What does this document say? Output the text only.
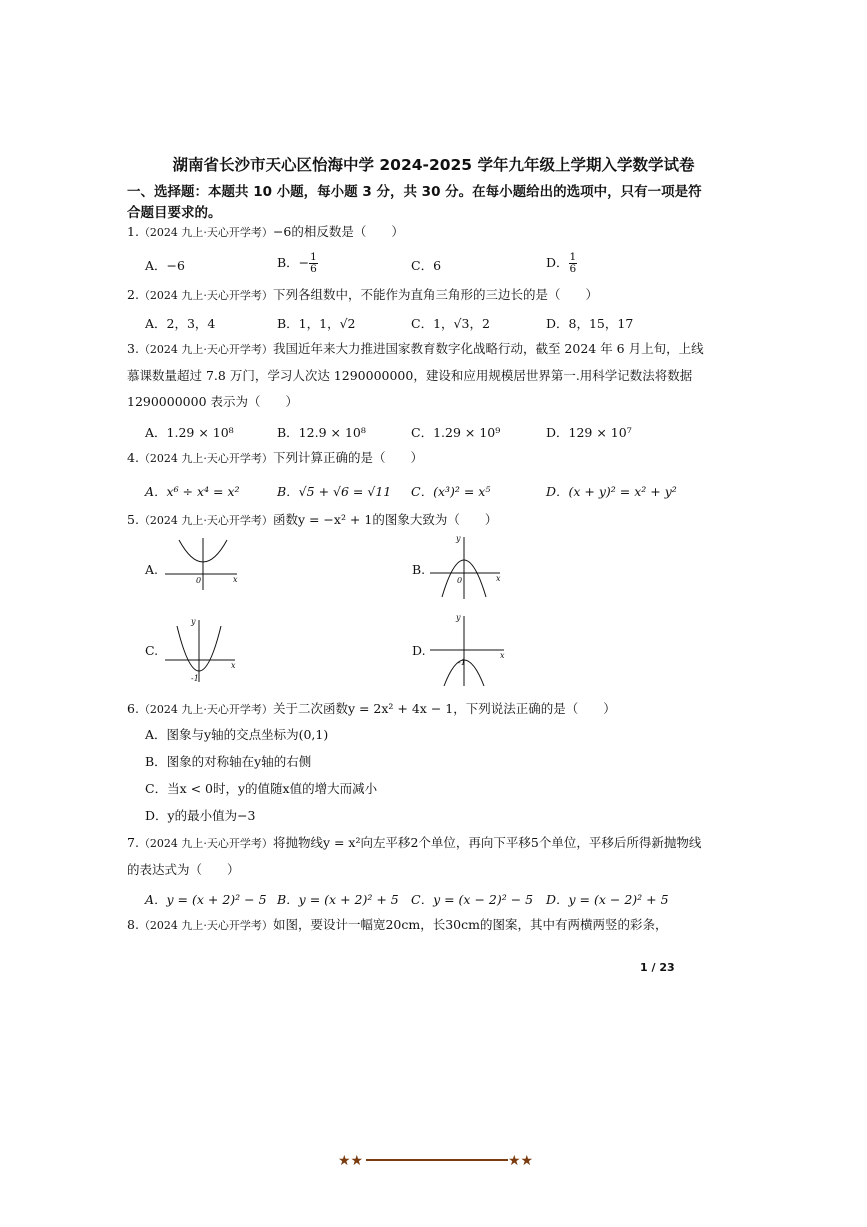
湖南省长沙市天心区怡海中学 2024-2025 学年九年级上学期入学数学试卷
一、选择题：本题共 10 小题，每小题 3 分，共 30 分。在每小题给出的选项中，只有一项是符合题目要求的。
1.（2024 九上·天心开学考）−6的相反数是（　　）
A．−6	B．− $\frac{1}{6}$	C．6	D． $\frac{1}{6}$
2.（2024 九上·天心开学考）下列各组数中，不能作为直角三角形的三边长的是（　　）
A．2，3，4	B．1，1，√2	C．1，√3，2	D．8，15，17
3.（2024 九上·天心开学考）我国近年来大力推进国家教育数字化战略行动，截至 2024 年 6 月上旬，上线慕课数量超过 7.8 万门，学习人次达 1290000000，建设和应用规模居世界第一.用科学记数法将数据 1290000000 表示为（　　）
A．1.29 × 10⁸	B．12.9 × 10⁸	C．1.29 × 10⁹	D．129 × 10⁷
4.（2024 九上·天心开学考）下列计算正确的是（　　）
A．x⁶ ÷ x⁴ = x²	B．√5 + √6 = √11 C．(x³)² = x⁵	D．(x + y)² = x² + y²
5.（2024 九上·天心开学考）函数y = −x² + 1的图象大致为（　　）
A.
x
0
B.
x
y
0
C.
x
y
-1
D.	x
y
-1
6.（2024 九上·天心开学考）关于二次函数y = 2x² + 4x − 1，下列说法正确的是（　　）
A．图象与y轴的交点坐标为(0,1)
B．图象的对称轴在y轴的右侧
C．当x < 0时，y的值随x值的增大而减小
D．y的最小值为−3
7.（2024 九上·天心开学考）将抛物线y = x²向左平移2个单位，再向下平移5个单位，平移后所得新抛物线的表达式为（　　）
A．y = (x + 2)² − 5 B．y = (x + 2)² + 5 C．y = (x − 2)² − 5 D．y = (x − 2)² + 5
8.（2024 九上·天心开学考）如图，要设计一幅宽20cm，长30cm的图案，其中有两横两竖的彩条，
1 / 23
★★	★★
